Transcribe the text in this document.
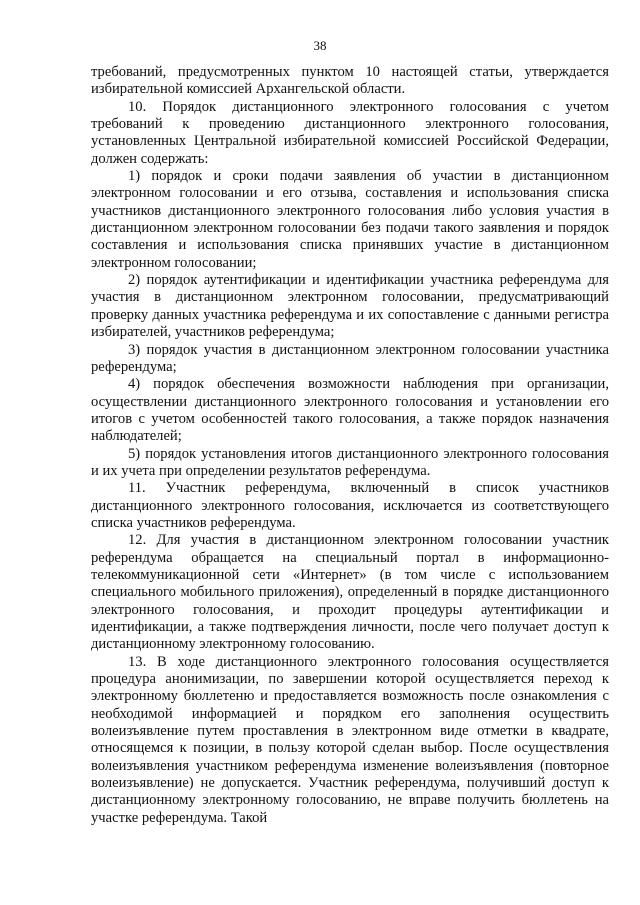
38

требований, предусмотренных пунктом 10 настоящей статьи, утверждается избирательной комиссией Архангельской области.

10. Порядок дистанционного электронного голосования с учетом требований к проведению дистанционного электронного голосования, установленных Центральной избирательной комиссией Российской Федерации, должен содержать:

1) порядок и сроки подачи заявления об участии в дистанционном электронном голосовании и его отзыва, составления и использования списка участников дистанционного электронного голосования либо условия участия в дистанционном электронном голосовании без подачи такого заявления и порядок составления и использования списка принявших участие в дистанционном электронном голосовании;

2) порядок аутентификации и идентификации участника референдума для участия в дистанционном электронном голосовании, предусматривающий проверку данных участника референдума и их сопоставление с данными регистра избирателей, участников референдума;

3) порядок участия в дистанционном электронном голосовании участника референдума;

4) порядок обеспечения возможности наблюдения при организации, осуществлении дистанционного электронного голосования и установлении его итогов с учетом особенностей такого голосования, а также порядок назначения наблюдателей;

5) порядок установления итогов дистанционного электронного голосования и их учета при определении результатов референдума.

11. Участник референдума, включенный в список участников дистанционного электронного голосования, исключается из соответствующего списка участников референдума.

12. Для участия в дистанционном электронном голосовании участник референдума обращается на специальный портал в информационно-телекоммуникационной сети «Интернет» (в том числе с использованием специального мобильного приложения), определенный в порядке дистанционного электронного голосования, и проходит процедуры аутентификации и идентификации, а также подтверждения личности, после чего получает доступ к дистанционному электронному голосованию.

13. В ходе дистанционного электронного голосования осуществляется процедура анонимизации, по завершении которой осуществляется переход к электронному бюллетеню и предоставляется возможность после ознакомления с необходимой информацией и порядком его заполнения осуществить волеизъявление путем проставления в электронном виде отметки в квадрате, относящемся к позиции, в пользу которой сделан выбор. После осуществления волеизъявления участником референдума изменение волеизъявления (повторное волеизъявление) не допускается. Участник референдума, получивший доступ к дистанционному электронному голосованию, не вправе получить бюллетень на участке референдума. Такой
